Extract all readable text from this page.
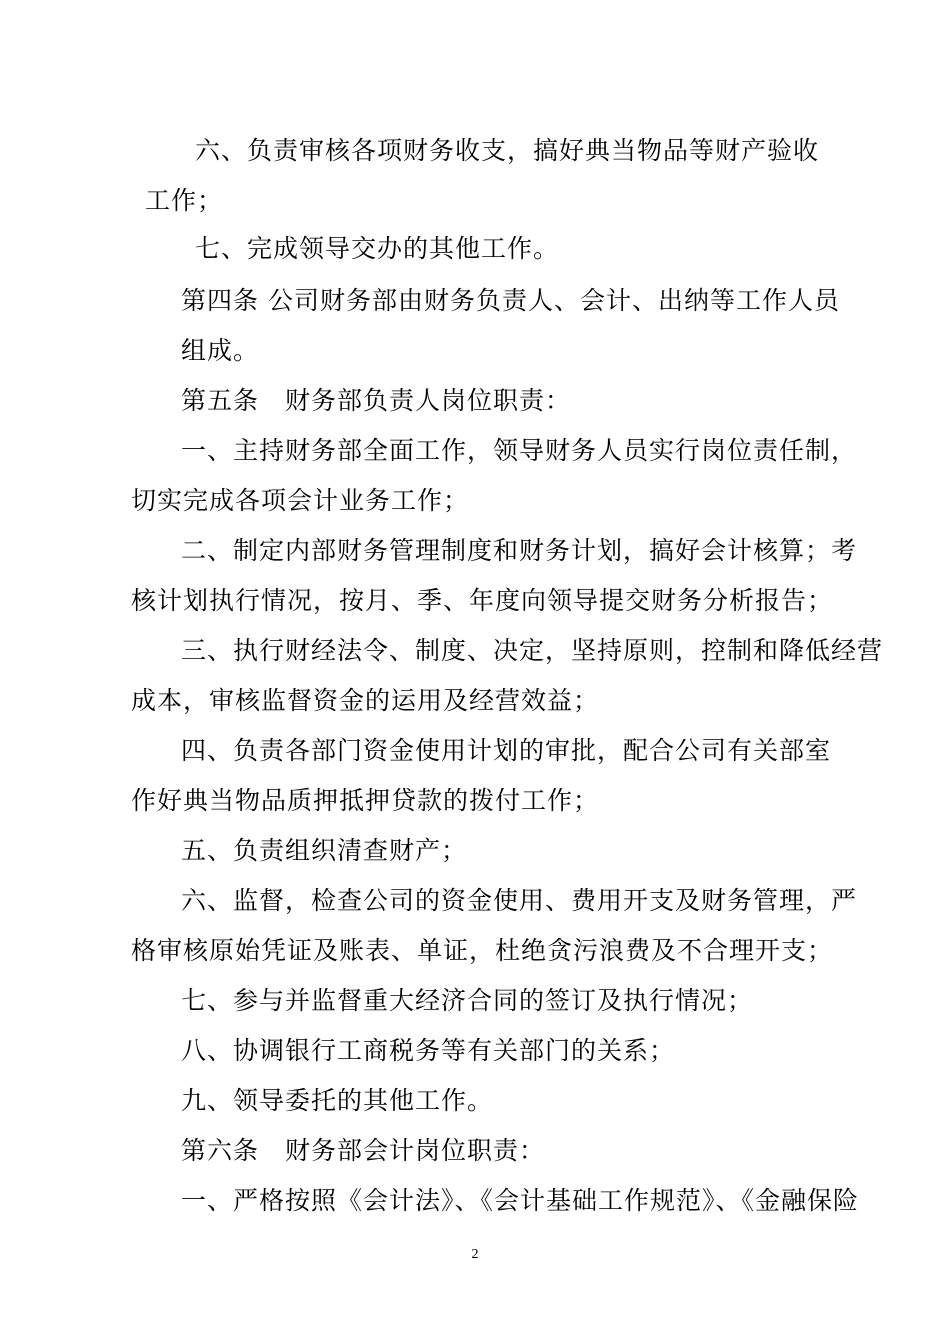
六、负责审核各项财务收支，搞好典当物品等财产验收
工作；
七、完成领导交办的其他工作。
第四条 公司财务部由财务负责人、会计、出纳等工作人员
组成。
第五条　财务部负责人岗位职责：
一、主持财务部全面工作，领导财务人员实行岗位责任制，
切实完成各项会计业务工作；
二、制定内部财务管理制度和财务计划，搞好会计核算；考
核计划执行情况，按月、季、年度向领导提交财务分析报告；
三、执行财经法令、制度、决定，坚持原则，控制和降低经营
成本，审核监督资金的运用及经营效益；
四、负责各部门资金使用计划的审批，配合公司有关部室
作好典当物品质押抵押贷款的拨付工作；
五、负责组织清查财产；
六、监督，检查公司的资金使用、费用开支及财务管理，严
格审核原始凭证及账表、单证，杜绝贪污浪费及不合理开支；
七、参与并监督重大经济合同的签订及执行情况；
八、协调银行工商税务等有关部门的关系；
九、领导委托的其他工作。
第六条　财务部会计岗位职责：
一、严格按照《会计法》、《会计基础工作规范》、《金融保险
2
